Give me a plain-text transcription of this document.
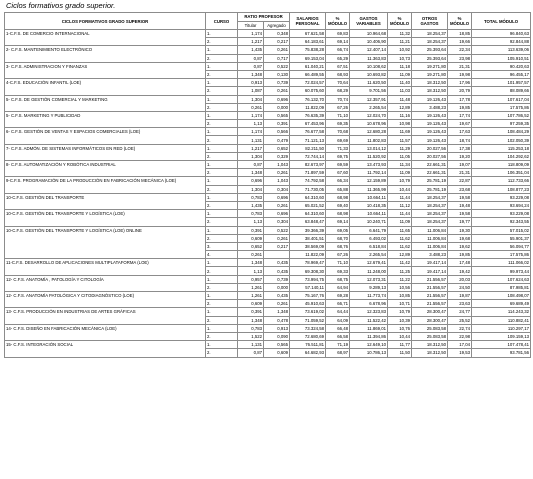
Ciclos formativos grado superior.
CICLOS FORMATIVOS GRADO SUPERIOR	CURSO	RATIO PROFESOR		SALARIOS PERSONAL	% MÓDULO	GASTOS VARIABLES	% MÓDULO	OTROS GASTOS	% MÓDULO	TOTAL MÓDULO
		Titular	Agregado							
1-C.F.S. DE COMERCIO INTERNACIONAL	1.	1,174	0,348	67.621,58	69,83	10.964,68	11,32	18.254,37	18,85	96.840,63
	2.	1,217	0,217	64.183,61	69,14	10.406,90	11,21	18.254,37	19,66	92.844,88
2- C.F.S. MANTENIMIENTO ELECTRÓNICO	1.	1,435	0,261	75.838,28	66,74	12.407,14	10,92	25.393,64	22,34	113.639,06
	2.	0,87	0,717	69.153,04	65,29	11.363,83	10,73	25.393,64	23,98	105.910,51
3- C.F.S. ADMINISTRACION Y FINANZAS	1.	0,87	0,522	61.040,21	67,51	10.108,62	11,18	19.271,80	21,31	90.420,63
	2.	1,348	0,130	66.489,55	68,93	10.693,82	11,09	19.271,80	19,98	96.455,17
4-C.F.S. EDUCACIÓN INFANTIL (LOE)	1.	0,913	0,739	72.024,57	70,64	11.620,50	11,40	18.312,50	17,96	101.957,57
	2.	1,087	0,261	60.075,60	68,29	9.701,56	11,03	18.312,50	20,79	88.089,66
5- C.F.S. DE GESTIÓN COMERCIAL Y MARKETING	1.	1,304	0,696	76.132,70	70,74	12.357,91	11,48	19.126,43	17,78	107.617,04
	2.	0,261	0,000	11.822,09	67,26	2.265,54	12,89	3.488,23	19,85	17.575,86
5- C.F.S. MARKETING Y PUBLICIDAD	1.	1,174	0,565	76.635,39	71,10	12.024,70	11,16	19.126,43	17,74	107.786,52
	2.	1,13	0,391	67.453,96	69,35	10.678,96	10,98	19.126,43	19,67	97.259,35
6- C.F.S. GESTIÓN DE VENTAS Y ESPACIOS COMERCIALES (LOE)	1.	1,174	0,566	76.677,58	70,68	12.680,28	11,69	19.126,43	17,63	108.484,29
	2.	1,131	0,479	71.121,13	69,69	11.802,83	11,57	19.126,43	18,74	102.050,39
7- C.F.S. ADMÓN. DE SISTEMAS INFORMÁTICOS EN RED (LOE)	1.	1,217	0,652	82.211,50	71,33	13.014,12	11,29	20.027,56	17,38	115.253,18
	2.	1,304	0,329	72.744,14	69,75	11.520,92	11,05	20.027,56	19,20	104.292,62
8- C.F.S. AUTOMATIZACIÓN Y ROBÓTICA INDUSTRIAL	1.	0,87	1,043	82.673,97	69,59	13.473,93	11,34	22.661,31	19,07	118.809,09
	2.	1,348	0,261	71.897,59	67,60	11.792,14	11,09	22.661,31	21,31	106.351,04
9-C.F.S. PROGRAMACIÓN DE LA PRODUCCIÓN EN FABRICACIÓN MECÁNICA (LOE)	1.	0,696	1,043	74.792,58	66,34	12.159,89	10,79	25.781,19	22,87	112.733,66
	2.	1,304	0,304	71.730,05	65,88	11.365,99	10,44	25.781,19	23,68	108.877,23
10-C.F.S. GESTIÓN DEL TRANSPORTE	1.	0,783	0,696	64.310,60	68,98	10.664,11	11,44	18.254,37	19,58	93.229,08
	2.	1,435	0,261	65.021,52	69,40	10.418,35	11,12	18.254,37	19,48	93.694,24
10-C.F.S. GESTIÓN DEL TRANSPORTE Y LOGÍSTICA (LOE)	1.	0,783	0,696	64.310,60	68,98	10.664,11	11,44	18.254,37	19,58	93.229,08
	2.	1,13	0,304	63.848,47	69,14	10.240,71	11,09	18.254,37	19,77	92.343,55
10-C.F.S. GESTIÓN DEL TRANSPORTE Y LOGÍSTICA (LOE) ONLINE	1.	0,391	0,522	39.366,39	69,05	6.641,79	11,65	11.006,84	19,30	57.015,02
	2.	0,609	0,261	38.401,51	68,70	6.493,02	11,62	11.006,84	19,68	55.901,37
	3.	0,652	0,217	38.569,09	68,76	6.518,84	11,62	11.006,84	19,62	56.094,77
	4.	0,261		11.822,09	67,26	2.265,54	12,89	3.488,23	19,85	17.575,86
11-C.F.S. DESARROLLO DE APLICACIONES MULTIPLATAFORMA (LOE)	1.	1,348	0,435	78.969,47	71,10	12.679,41	11,42	19.417,14	17,48	111.066,02
	2.	1,13	0,435	69.308,30	69,33	11.248,00	11,25	19.417,14	19,42	99.973,44
12- C.F.S. ANATOMÍA , PATOLOGÍA Y CITOLOGÍA	1.	0,957	0,739	73.994,75	68,75	12.073,31	11,22	21.556,57	20,03	107.624,63
	2.	1,261	0,000	57.140,11	64,94	9.289,13	10,56	21.556,57	24,50	87.985,81
12- C.F.S. ANATOMÍA PATOLÓGICA Y CITODIAGNÓSTICO (LOE)	1.	1,261	0,435	75.167,76	69,28	11.773,74	10,85	21.556,57	19,87	108.498,07
	2.	0,609	0,261	45.910,63	66,71	6.678,96	10,71	21.556,57	23,63	69.689,49
13- C.F.S. PRODUCCIÓN EN INDUSTRIAS DE ARTES GRÁFICAS	1.	0,391	1,348	73.619,02	64,44	12.323,83	10,79	28.300,47	24,77	114.243,32
	2.	1,348	0,478	71.059,52	64,09	11.522,42	10,39	28.300,47	25,52	110.882,41
14- C.F.S. DISEÑO EN FABRICACIÓN MECÁNICA (LOE)	1.	0,783	0,913	73.324,58	66,48	11.869,01	10,76	25.083,58	22,74	110.297,17
	2.	1,522	0,090	72.680,69	66,58	11.394,86	10,44	25.083,58	22,98	109.159,13
15- C.F.S. INTEGRACIÓN SOCIAL	1.	1,131	0,565	76.511,81	71,19	12.649,10	11,77	18.312,50	17,04	107.478,41
	2.	0,87	0,609	64.682,93	68,97	10.786,13	11,50	18.312,50	19,53	93.781,56
